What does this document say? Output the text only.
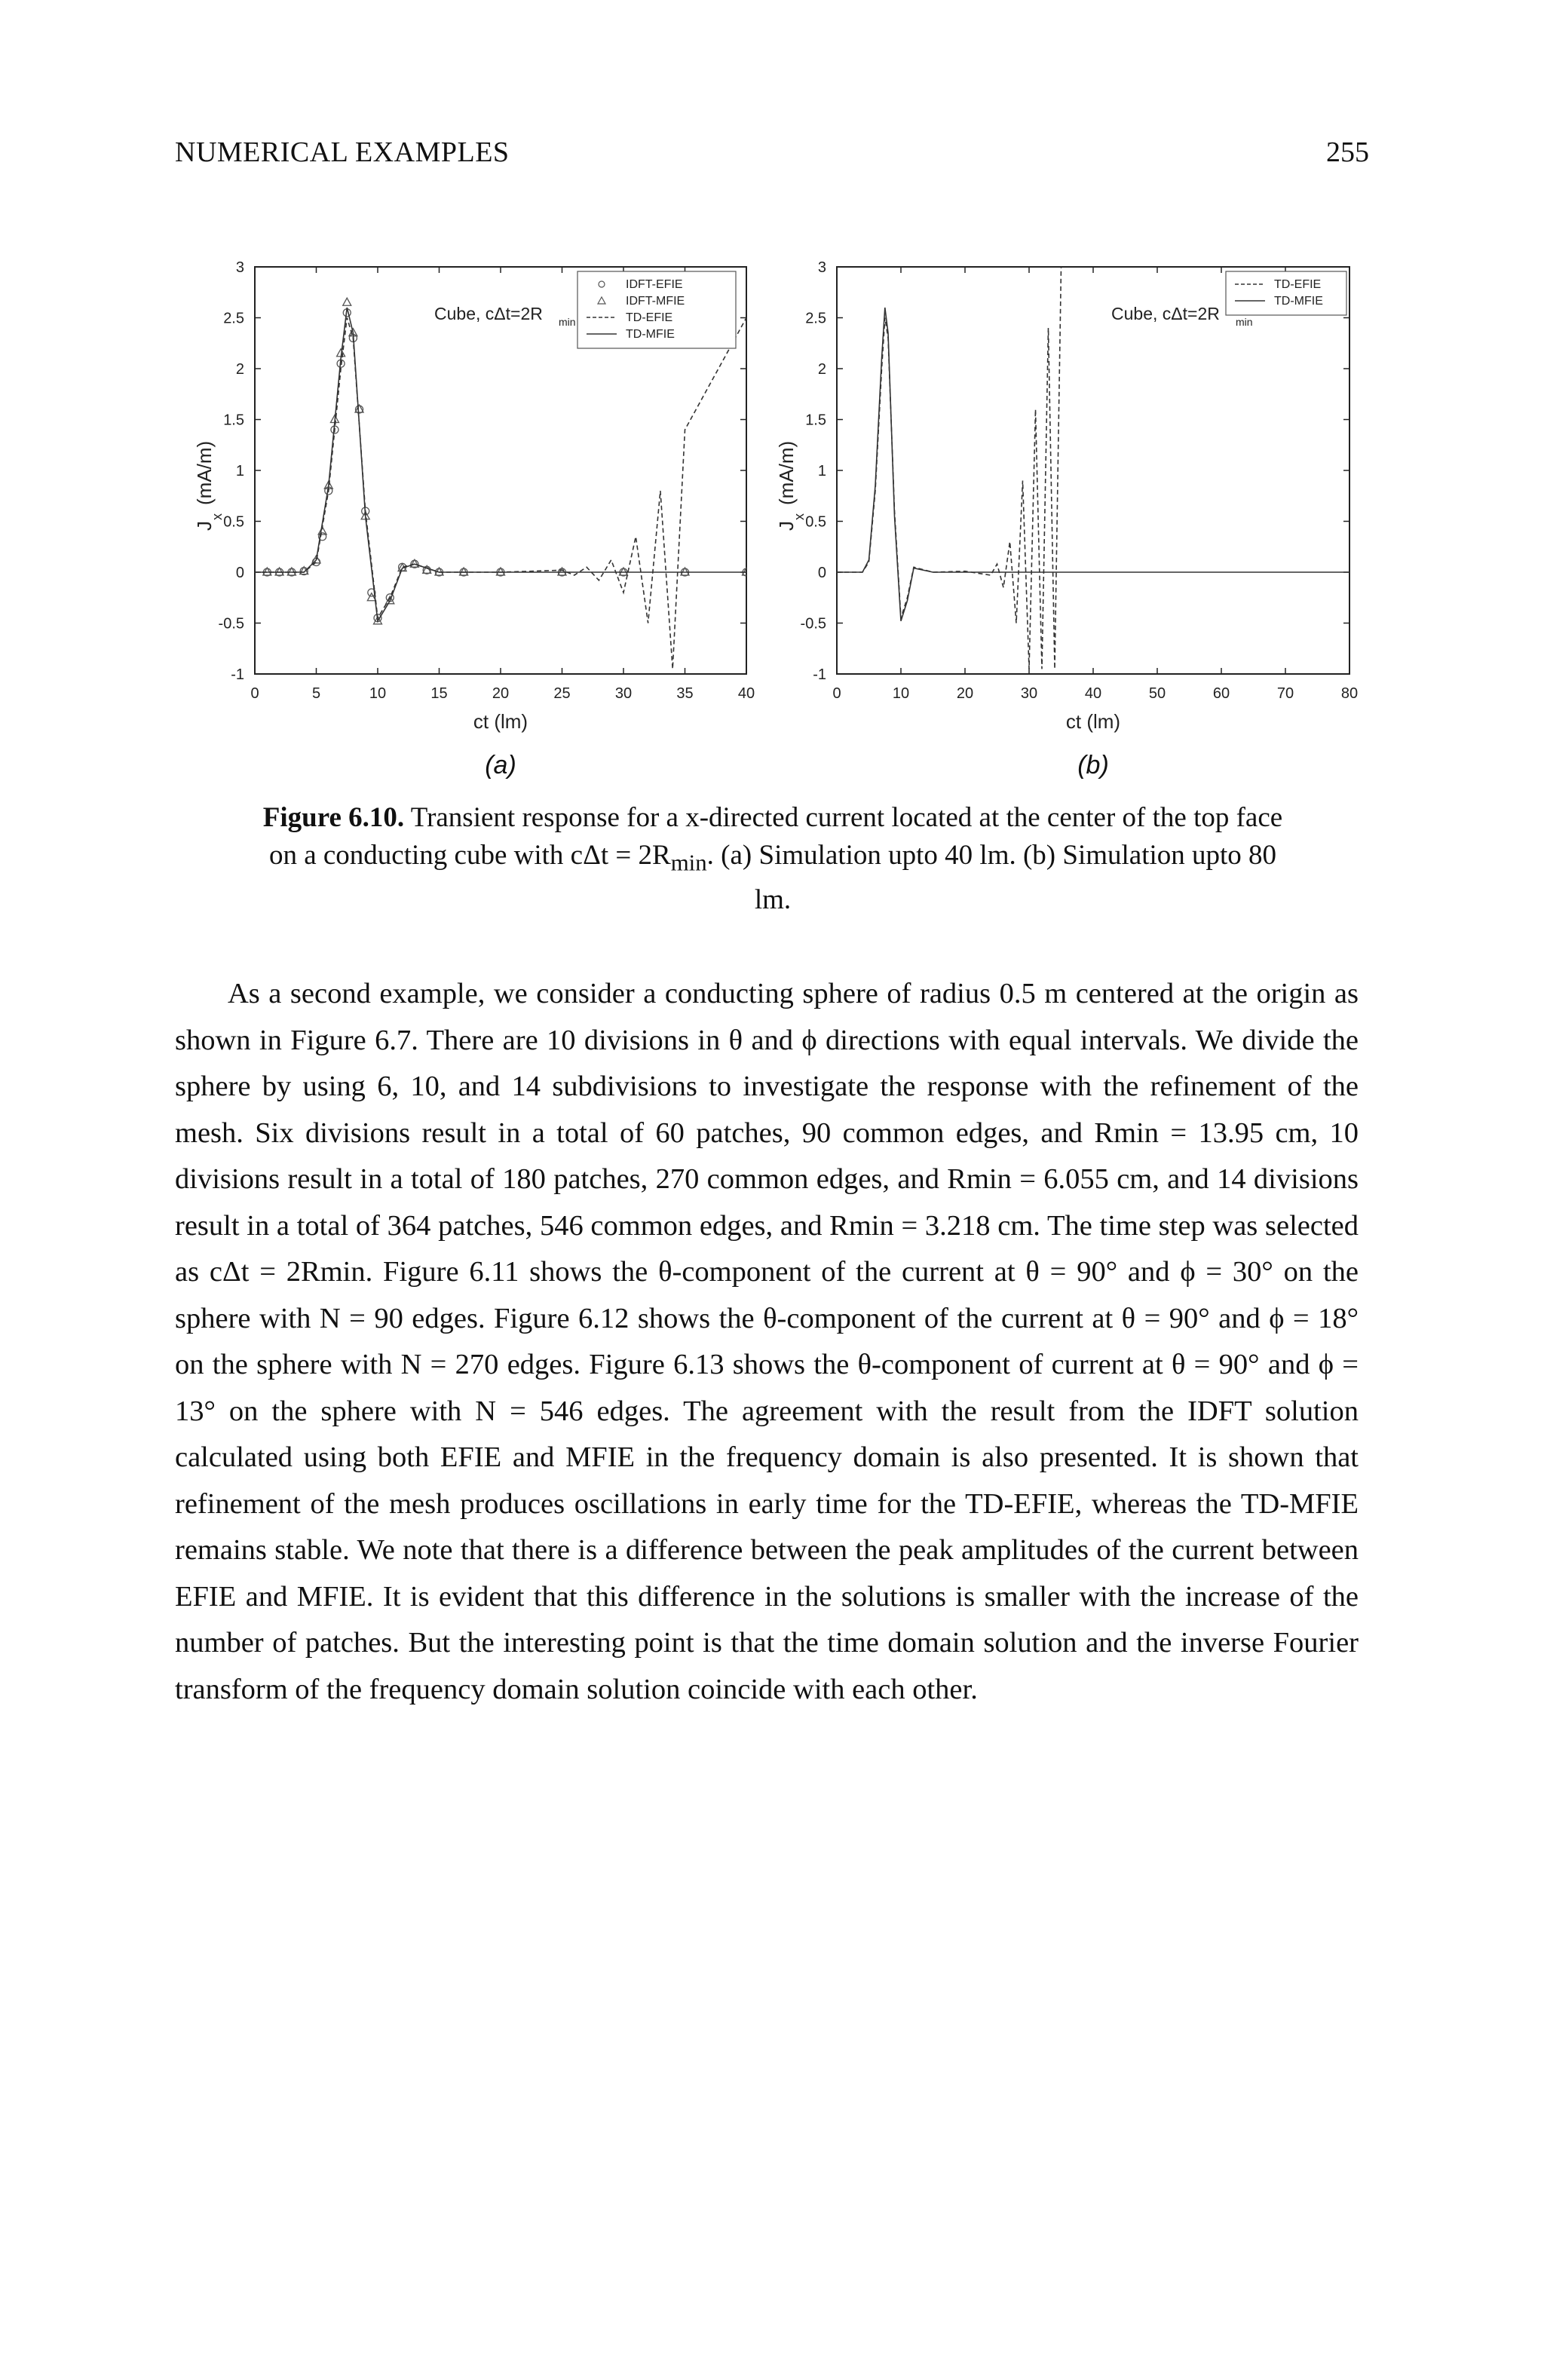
NUMERICAL EXAMPLES	255
0	5	10	15	20	25	30	35	40
-1
-0.5
0
0.5
1
1.5
2
2.5
3
Cube, cΔt=2R min
IDFT-EFIE
IDFT-MFIE
TD-EFIE
TD-MFIE
ct (lm)
J
x
(mA/m)
(a)
0	10	20	30	40	50	60	70	80
-1
-0.5
0
0.5
1
1.5
2
2.5
3
Cube, cΔt=2R min
TD-EFIE
TD-MFIE
ct (lm)
J
x
(mA/m)
(b)
Figure 6.10. Transient response for a x-directed current located at the center of the top face on a conducting cube with $c\Delta t = 2R_{min}$. (a) Simulation upto 40 lm. (b) Simulation upto 80 lm.

As a second example, we consider a conducting sphere of radius 0.5 m centered at the origin as shown in Figure 6.7. There are 10 divisions in θ and ϕ directions with equal intervals. We divide the sphere by using 6, 10, and 14 subdivisions to investigate the response with the refinement of the mesh. Six divisions result in a total of 60 patches, 90 common edges, and Rmin = 13.95 cm, 10 divisions result in a total of 180 patches, 270 common edges, and Rmin = 6.055 cm, and 14 divisions result in a total of 364 patches, 546 common edges, and Rmin = 3.218 cm. The time step was selected as cΔt = 2Rmin. Figure 6.11 shows the θ-component of the current at θ = 90° and ϕ = 30° on the sphere with N = 90 edges. Figure 6.12 shows the θ-component of the current at θ = 90° and ϕ = 18° on the sphere with N = 270 edges. Figure 6.13 shows the θ-component of current at θ = 90° and ϕ = 13° on the sphere with N = 546 edges. The agreement with the result from the IDFT solution calculated using both EFIE and MFIE in the frequency domain is also presented. It is shown that refinement of the mesh produces oscillations in early time for the TD-EFIE, whereas the TD-MFIE remains stable. We note that there is a difference between the peak amplitudes of the current between EFIE and MFIE. It is evident that this difference in the solutions is smaller with the increase of the number of patches. But the interesting point is that the time domain solution and the inverse Fourier transform of the frequency domain solution coincide with each other.
